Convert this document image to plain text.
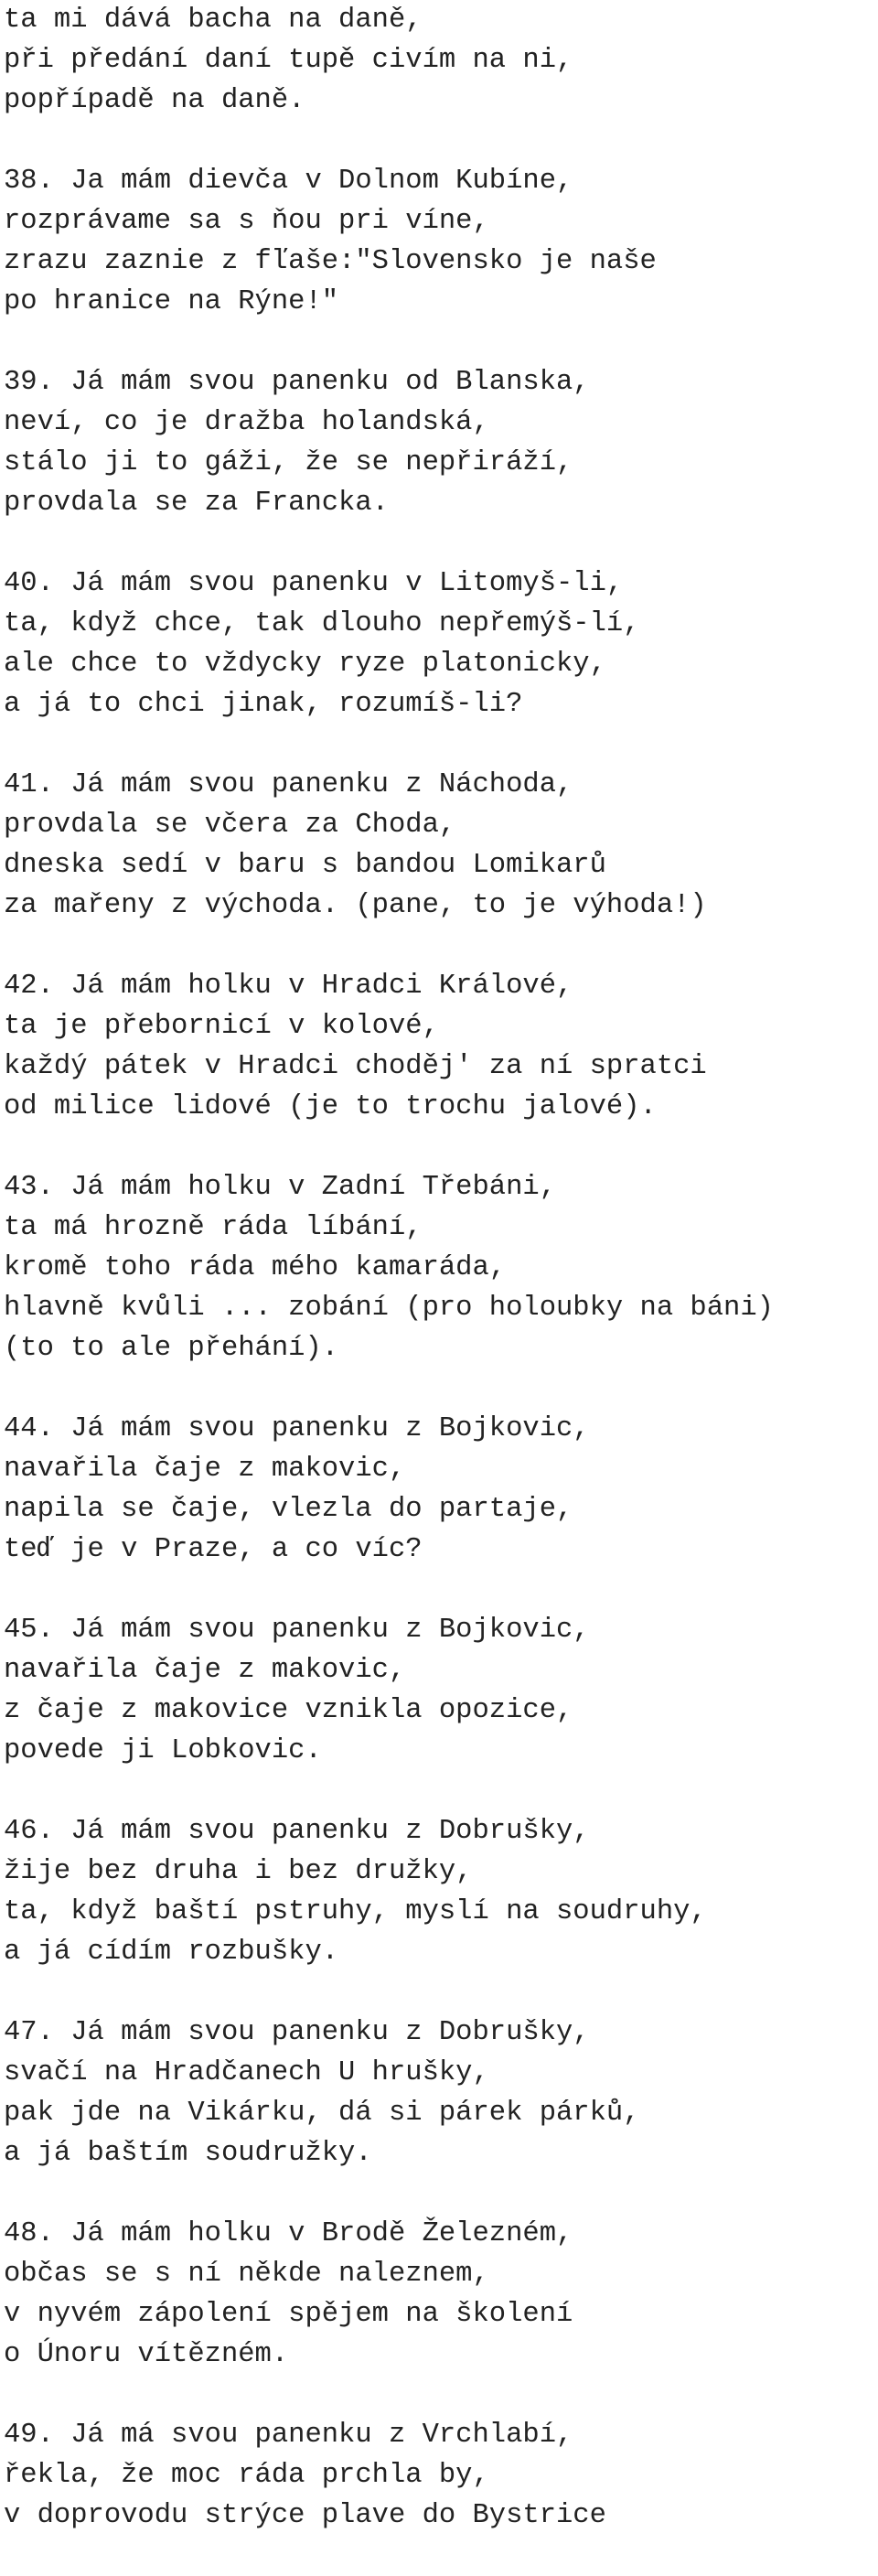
ta mi dává bacha na daně,
při předání daní tupě civím na ni,
popřípadě na daně.
38. Ja mám dievča v Dolnom Kubíne,
rozprávame sa s ňou pri víne,
zrazu zaznie z fľaše:"Slovensko je naše
po hranice na Rýne!"
39. Já mám svou panenku od Blanska,
neví, co je dražba holandská,
stálo ji to gáži, že se nepřiráží,
provdala se za Francka.
40. Já mám svou panenku v Litomyš-li,
ta, když chce, tak dlouho nepřemýš-lí,
ale chce to vždycky ryze platonicky,
a já to chci jinak, rozumíš-li?
41. Já mám svou panenku z Náchoda,
provdala se včera za Choda,
dneska sedí v baru s bandou Lomikarů
za mařeny z východa. (pane, to je výhoda!)
42. Já mám holku v Hradci Králové,
ta je přebornicí v kolové,
každý pátek v Hradci choděj' za ní spratci
od milice lidové (je to trochu jalové).
43. Já mám holku v Zadní Třebáni,
ta má hrozně ráda líbání,
kromě toho ráda mého kamaráda,
hlavně kvůli ... zobání (pro holoubky na báni)
(to to ale přehání).
44. Já mám svou panenku z Bojkovic,
navařila čaje z makovic,
napila se čaje, vlezla do partaje,
teď je v Praze, a co víc?
45. Já mám svou panenku z Bojkovic,
navařila čaje z makovic,
z čaje z makovice vznikla opozice,
povede ji Lobkovic.
46. Já mám svou panenku z Dobrušky,
žije bez druha i bez družky,
ta, když baští pstruhy, myslí na soudruhy,
a já cídím rozbušky.
47. Já mám svou panenku z Dobrušky,
svačí na Hradčanech U hrušky,
pak jde na Vikárku, dá si párek párků,
a já baštím soudružky.
48. Já mám holku v Brodě Železném,
občas se s ní někde naleznem,
v nyvém zápolení spějem na školení
o Únoru vítězném.
49. Já má svou panenku z Vrchlabí,
řekla, že moc ráda prchla by,
v doprovodu strýce plave do Bystrice
